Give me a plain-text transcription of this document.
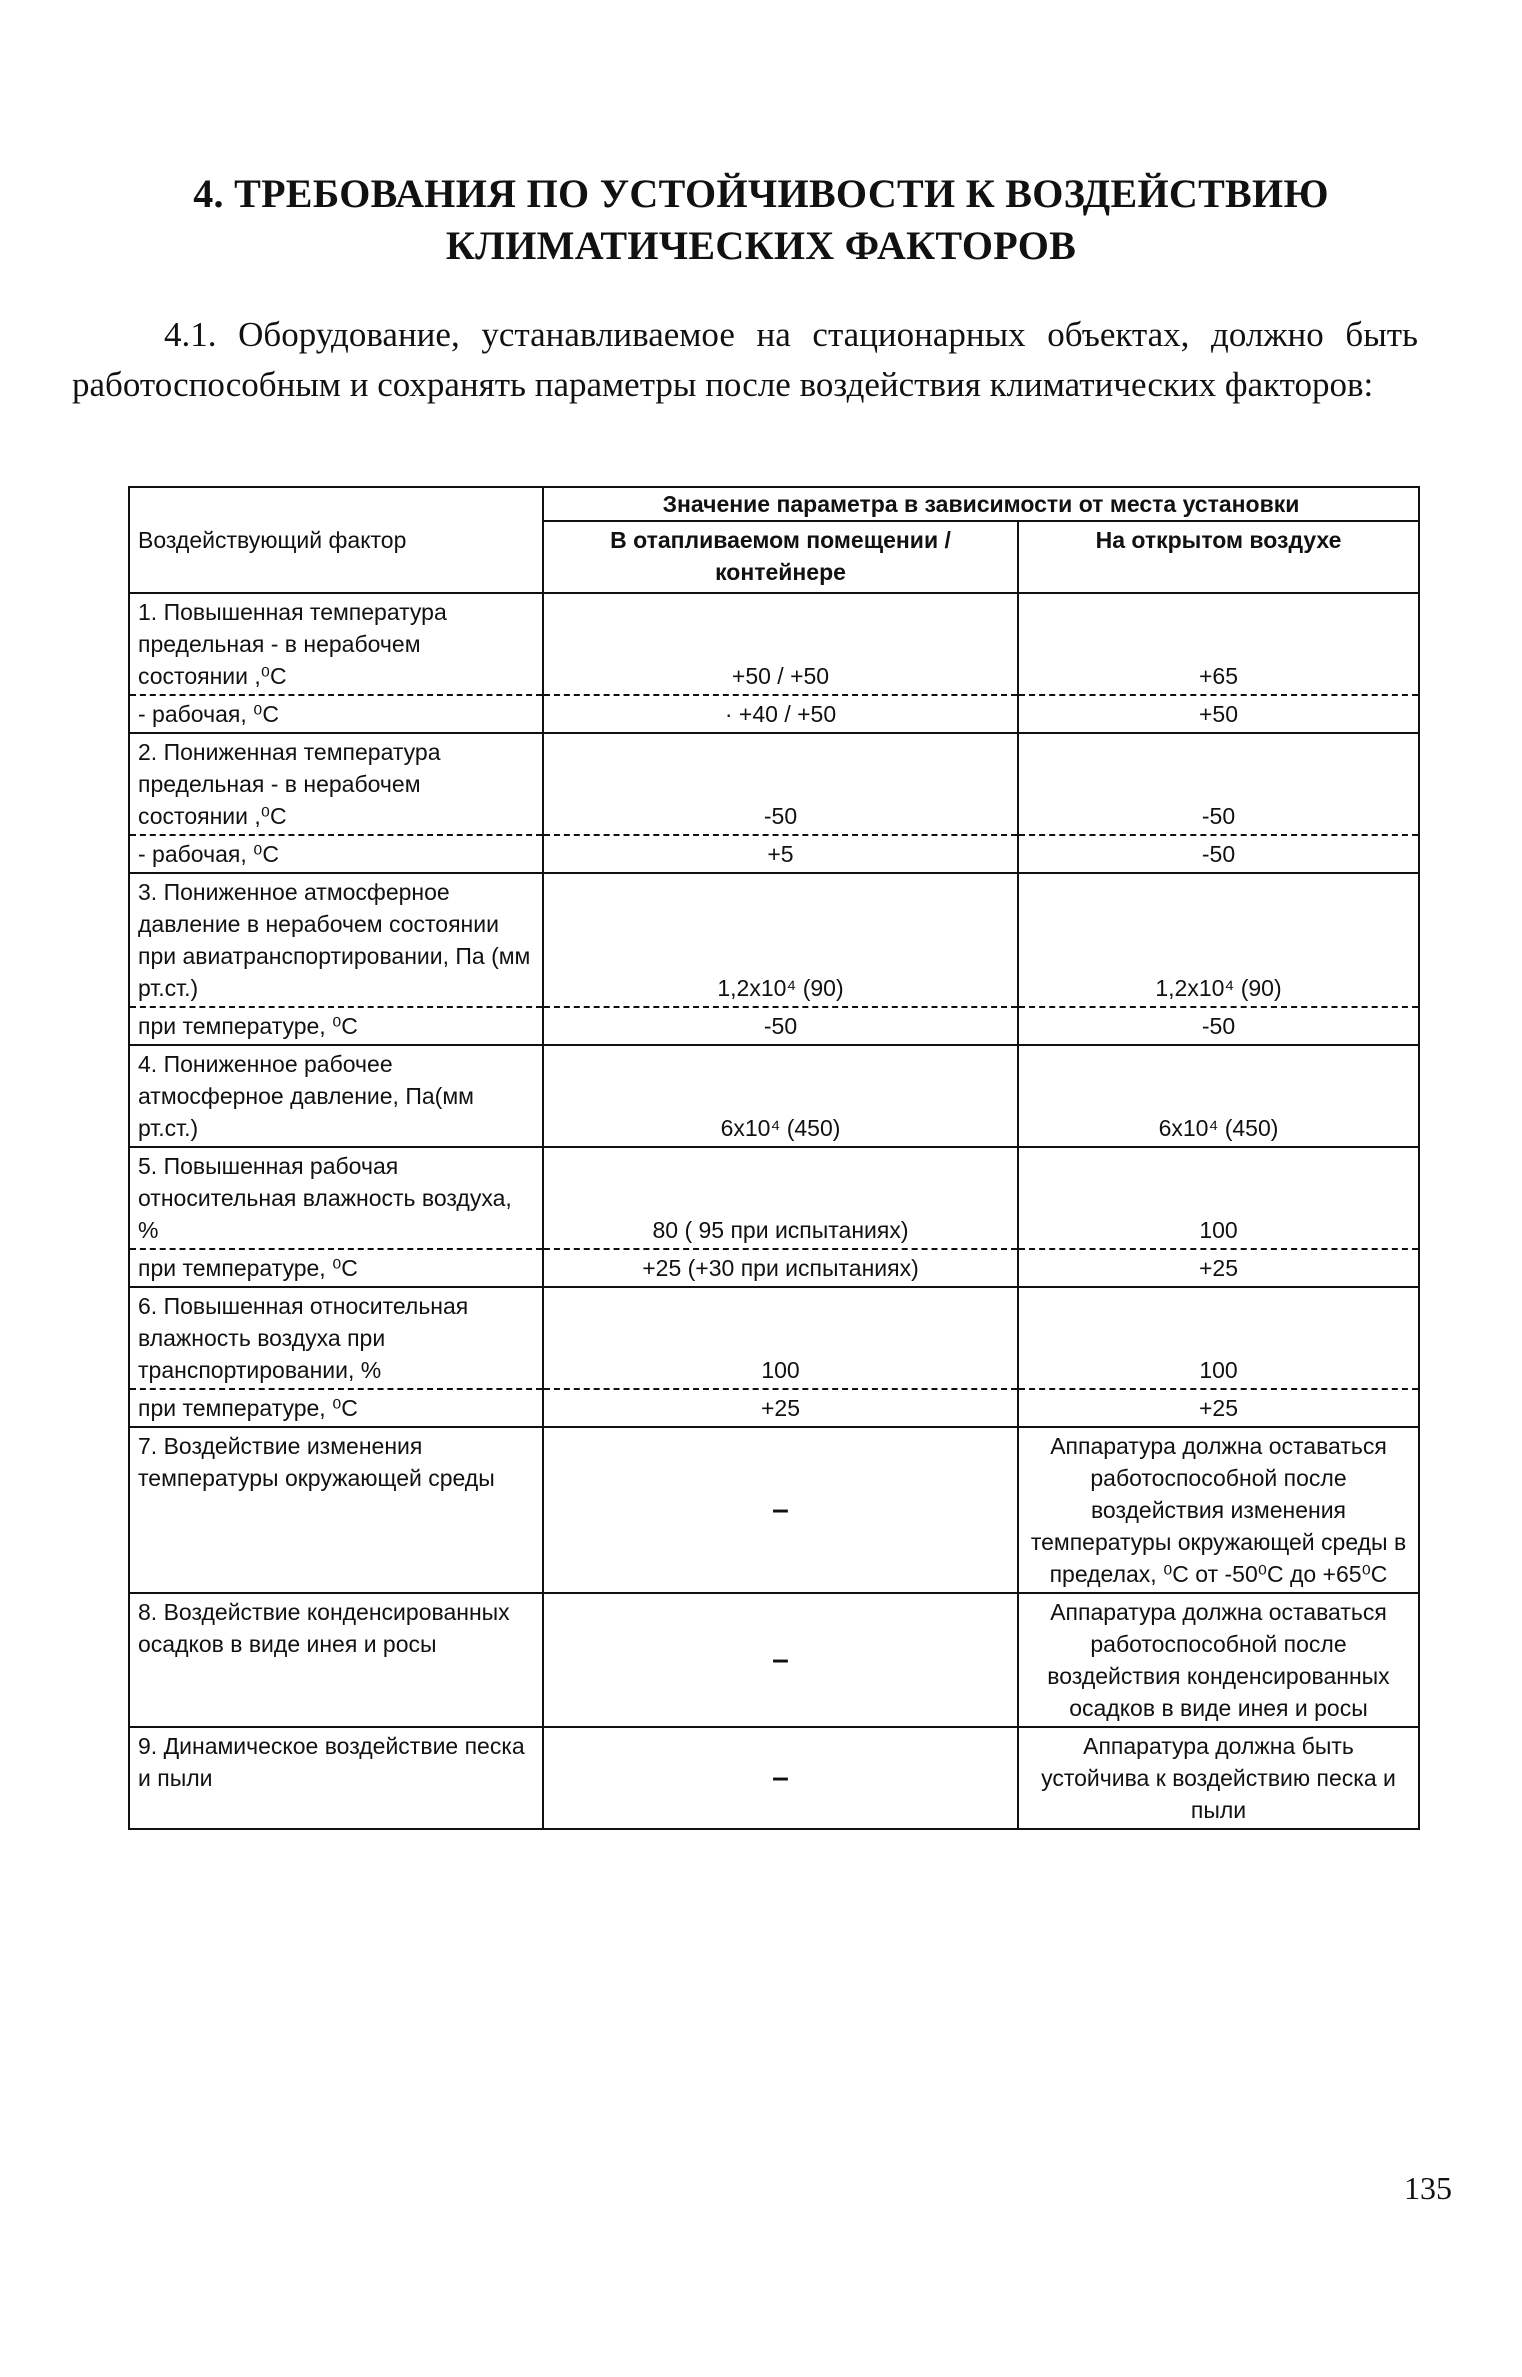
4. ТРЕБОВАНИЯ ПО УСТОЙЧИВОСТИ К ВОЗДЕЙСТВИЮ
КЛИМАТИЧЕСКИХ ФАКТОРОВ

4.1. Оборудование, устанавливаемое на стационарных объектах, должно быть работоспособным и сохранять параметры после воздействия климатических факторов:

Воздействующий фактор	Значение параметра в зависимости от места установки	
	В отапливаемом помещении / контейнере	На открытом воздухе
1. Повышенная температура предельная - в нерабочем состоянии ,⁰С	+50 / +50	+65
- рабочая, ⁰С	· +40 / +50	+50
2. Пониженная температура предельная - в нерабочем состоянии ,⁰С	-50	-50
- рабочая, ⁰С	+5	-50
3. Пониженное атмосферное давление в нерабочем состоянии при авиатранспортировании, Па (мм рт.ст.)	1,2x10⁴ (90)	1,2x10⁴ (90)
при температуре, ⁰С	-50	-50
4. Пониженное рабочее атмосферное давление, Па(мм рт.ст.)	6x10⁴ (450)	6x10⁴ (450)
5. Повышенная рабочая относительная влажность воздуха, %	80 ( 95 при испытаниях)	100
при температуре, ⁰С	+25 (+30 при испытаниях)	+25
6. Повышенная относительная влажность воздуха при транспортировании, %	100	100
при температуре, ⁰С	+25	+25
7. Воздействие изменения температуры окружающей среды	–	Аппаратура должна оставаться работоспособной после воздействия изменения температуры окружающей среды в пределах, ⁰С от -50⁰С до +65⁰С
8. Воздействие конденсированных осадков в виде инея и росы	–	Аппаратура должна оставаться работоспособной после воздействия конденсированных осадков в виде инея и росы
9. Динамическое воздействие песка и пыли	–	Аппаратура должна быть устойчива к воздействию песка и пыли
135
